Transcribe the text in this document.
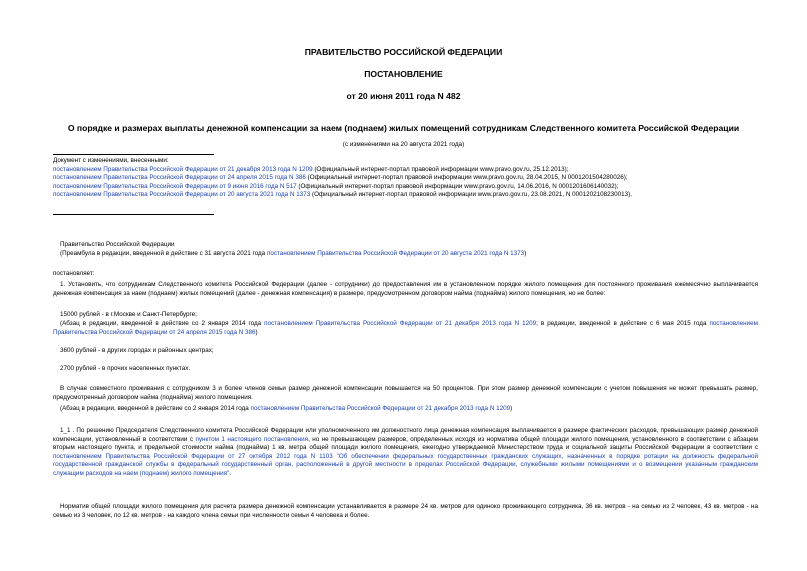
ПРАВИТЕЛЬСТВО РОССИЙСКОЙ ФЕДЕРАЦИИ
ПОСТАНОВЛЕНИЕ
от 20 июня 2011 года N 482
О порядке и размерах выплаты денежной компенсации за наем (поднаем) жилых помещений сотрудникам Следственного комитета Российской Федерации
(с изменениями на 20 августа 2021 года)
Документ с изменениями, внесенными:
постановлением Правительства Российской Федерации от 21 декабря 2013 года N 1209 (Официальный интернет-портал правовой информации www.pravo.gov.ru, 25.12.2013);
постановлением Правительства Российской Федерации от 24 апреля 2015 года N 386 (Официальный интернет-портал правовой информации www.pravo.gov.ru, 28.04.2015, N 0001201504280026);
постановлением Правительства Российской Федерации от 9 июня 2016 года N 517 (Официальный интернет-портал правовой информации www.pravo.gov.ru, 14.06.2016, N 0001201606140032);
постановлением Правительства Российской Федерации от 20 августа 2021 года N 1373 (Официальный интернет-портал правовой информации www.pravo.gov.ru, 23.08.2021, N 0001202108230013).
Правительство Российской Федерации
(Преамбула в редакции, введенной в действие с 31 августа 2021 года постановлением Правительства Российской Федерации от 20 августа 2021 года N 1373)
постановляет:
1. Установить, что сотрудникам Следственного комитета Российской Федерации (далее - сотрудники) до предоставления им в установленном порядке жилого помещения для постоянного проживания ежемесячно выплачивается денежная компенсация за наем (поднаем) жилых помещений (далее - денежная компенсация) в размере, предусмотренном договором найма (поднайма) жилого помещения, но не более:
15000 рублей - в г.Москве и Санкт-Петербурге;
(Абзац в редакции, введенной в действие со 2 января 2014 года постановлением Правительства Российской Федерации от 21 декабря 2013 года N 1209; в редакции, введенной в действие с 6 мая 2015 года постановлением Правительства Российской Федерации от 24 апреля 2015 года N 386)
3600 рублей - в других городах и районных центрах;
2700 рублей - в прочих населенных пунктах.
В случае совместного проживания с сотрудником 3 и более членов семьи размер денежной компенсации повышается на 50 процентов. При этом размер денежной компенсации с учетом повышения не может превышать размер, предусмотренный договором найма (поднайма) жилого помещения.
(Абзац в редакции, введенной в действие со 2 января 2014 года постановлением Правительства Российской Федерации от 21 декабря 2013 года N 1209)
1_1 . По решению Председателя Следственного комитета Российской Федерации или уполномоченного им должностного лица денежная компенсация выплачивается в размере фактических расходов, превышающих размер денежной компенсации, установленный в соответствии с пунктом 1 настоящего постановления, но не превышающем размеров, определенных исходя из норматива общей площади жилого помещения, установленного в соответствии с абзацем вторым настоящего пункта, и предельной стоимости найма (поднайма) 1 кв. метра общей площади жилого помещения, ежегодно утверждаемой Министерством труда и социальной защиты Российской Федерации в соответствии с постановлением Правительства Российской Федерации от 27 октября 2012 года N 1103 "Об обеспечении федеральных государственных гражданских служащих, назначенных в порядке ротации на должность федеральной государственной гражданской службы в федеральный государственный орган, расположенный в другой местности в пределах Российской Федерации, служебными жилыми помещениями и о возмещении указанным гражданским служащим расходов на наем (поднаем) жилого помещения".
Норматив общей площади жилого помещения для расчета размера денежной компенсации устанавливается в размере 24 кв. метров для одиноко проживающего сотрудника, 36 кв. метров - на семью из 2 человек, 43 кв. метров - на семью из 3 человек, по 12 кв. метров - на каждого члена семьи при численности семьи 4 человека и более.
